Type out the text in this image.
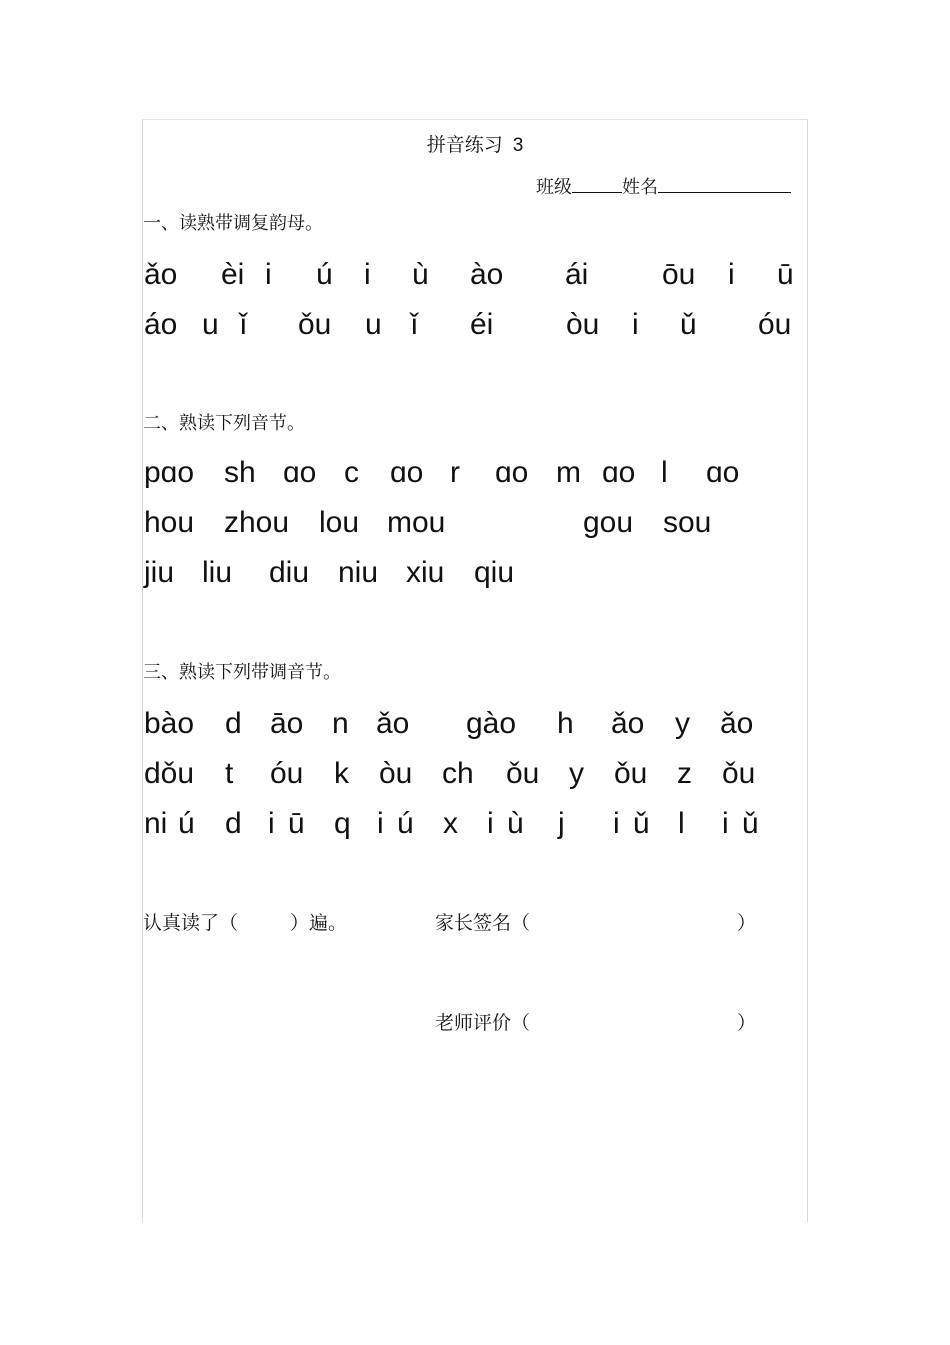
拼音练习 3
班级	姓名
一、读熟带调复韵母。
ǎo èi i ú i ù ào ái ōu i ū
áo u ǐ ǒu u ǐ éi òu i ǔ óu
二、熟读下列音节。
pɑo sh ɑo c ɑo r ɑo m ɑo l ɑo
hou zhou lou mou	ɡou sou
jiu liu diu niu xiu qiu
三、熟读下列带调音节。
bào d āo n ǎo ɡào h ǎo y ǎo
dǒu t óu k òu ch ǒu y ǒu z ǒu
ni ú d i ū q i ú x i ù j i ǔ l i ǔ
认真读了（	）遍。	家长签名（	）
老师评价（	）
